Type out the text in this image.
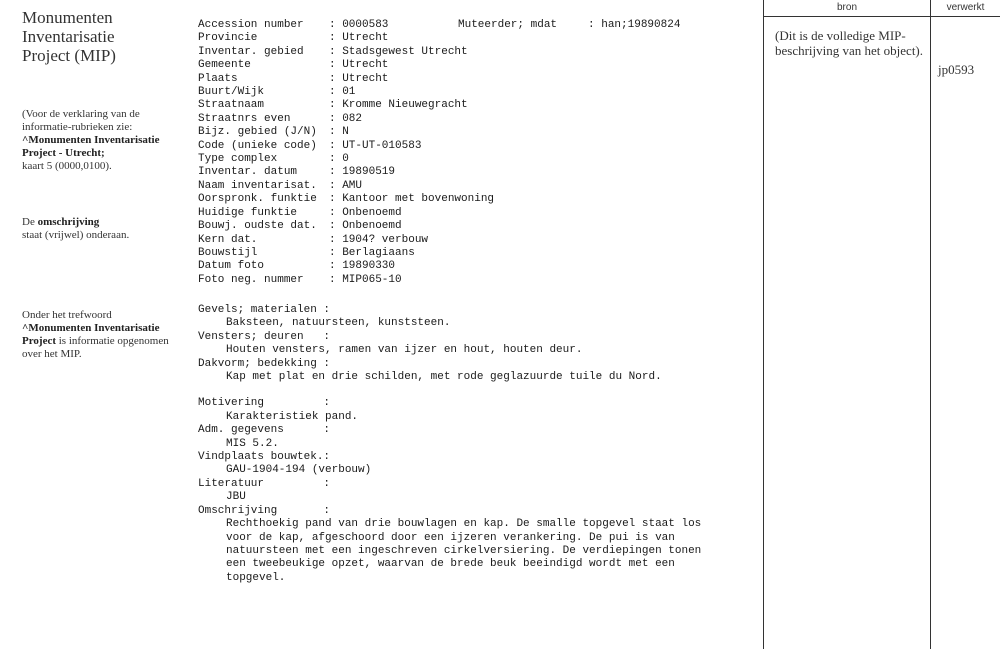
Monumenten
Inventarisatie
Project (MIP)
(Voor de verklaring van de informatie-rubrieken zie:
^Monumenten Inventarisatie Project - Utrecht;
kaart 5 (0000,0100).
De omschrijving
staat (vrijwel) onderaan.
Onder het trefwoord
^Monumenten Inventarisatie Project is informatie opgenomen over het MIP.
Accession number	: 0000583	Muteerder; mdat	: han;19890824
Provincie	: Utrecht
Inventar. gebied	: Stadsgewest Utrecht
Gemeente	: Utrecht
Plaats	: Utrecht
Buurt/Wijk	: 01
Straatnaam	: Kromme Nieuwegracht
Straatnrs even	: 082
Bijz. gebied (J/N)	: N
Code (unieke code)	: UT-UT-010583
Type complex	: 0
Inventar. datum	: 19890519
Naam inventarisat.	: AMU
Oorspronk. funktie	: Kantoor met bovenwoning
Huidige funktie	: Onbenoemd
Bouwj. oudste dat.	: Onbenoemd
Kern dat.	: 1904? verbouw
Bouwstijl	: Berlagiaans
Datum foto	: 19890330
Foto neg. nummer	: MIP065-10
Gevels; materialen :
Baksteen, natuursteen, kunststeen.
Vensters; deuren   :
Houten vensters, ramen van ijzer en hout, houten deur.
Dakvorm; bedekking :
Kap met plat en drie schilden, met rode geglazuurde tuile du Nord.
Motivering         :
Karakteristiek pand.
Adm. gegevens      :
MIS 5.2.
Vindplaats bouwtek.:
GAU-1904-194 (verbouw)
Literatuur         :
JBU
Omschrijving       :
Rechthoekig pand van drie bouwlagen en kap. De smalle topgevel staat los
voor de kap, afgeschoord door een ijzeren verankering. De pui is van
natuursteen met een ingeschreven cirkelversiering. De verdiepingen tonen
een tweebeukige opzet, waarvan de brede beuk beeindigd wordt met een
topgevel.
bron	verwerkt
(Dit is de volledige MIP-beschrijving van het object).
jp0593
